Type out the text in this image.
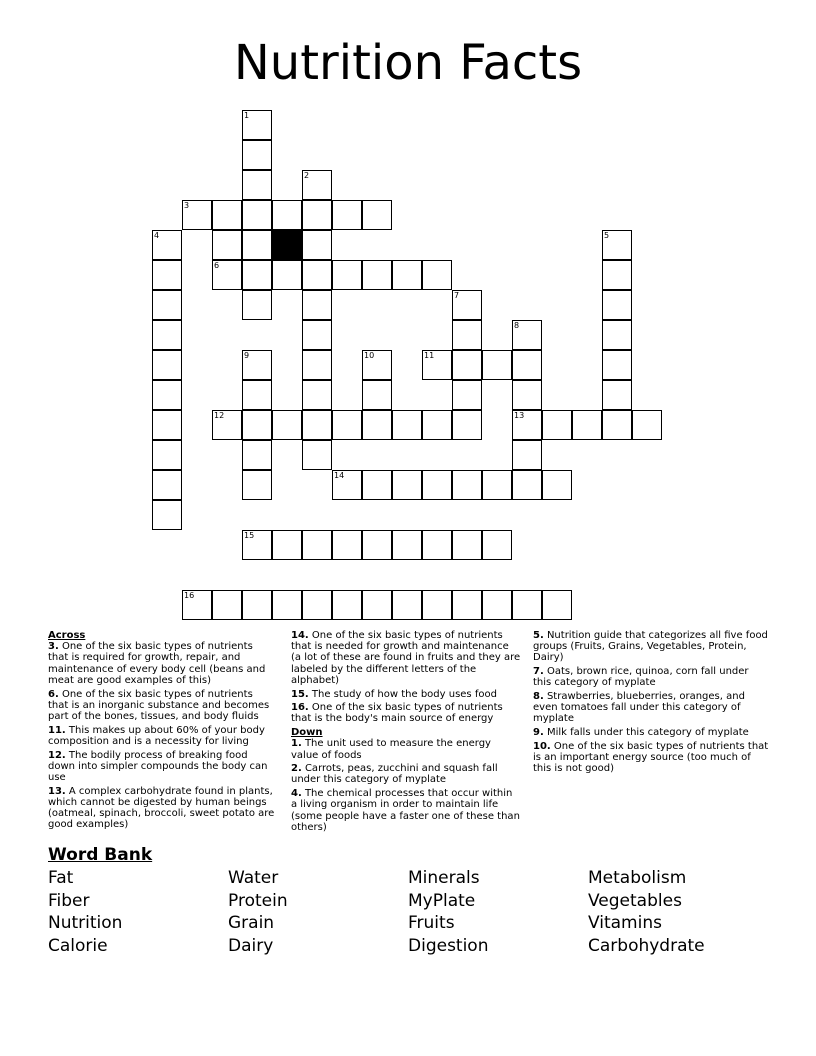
Nutrition Facts
1
2
3
4	5
6
7
8
9	10	11
12	13
14
15
16
Across
3. One of the six basic types of nutrients that is required for growth, repair, and maintenance of every body cell (beans and meat are good examples of this)
6. One of the six basic types of nutrients that is an inorganic substance and becomes part of the bones, tissues, and body fluids
11. This makes up about 60% of your body composition and is a necessity for living
12. The bodily process of breaking food down into simpler compounds the body can use
13. A complex carbohydrate found in plants, which cannot be digested by human beings (oatmeal, spinach, broccoli, sweet potato are good examples)
14. One of the six basic types of nutrients that is needed for growth and maintenance (a lot of these are found in fruits and they are labeled by the different letters of the alphabet)
15. The study of how the body uses food
16. One of the six basic types of nutrients that is the body's main source of energy
Down
1. The unit used to measure the energy value of foods
2. Carrots, peas, zucchini and squash fall under this category of myplate
4. The chemical processes that occur within a living organism in order to maintain life (some people have a faster one of these than others)
5. Nutrition guide that categorizes all five food groups (Fruits, Grains, Vegetables, Protein, Dairy)
7. Oats, brown rice, quinoa, corn fall under this category of myplate
8. Strawberries, blueberries, oranges, and even tomatoes fall under this category of myplate
9. Milk falls under this category of myplate
10. One of the six basic types of nutrients that is an important energy source (too much of this is not good)
Word Bank
Fat
Fiber
Nutrition
Calorie
Water
Protein
Grain
Dairy
Minerals
MyPlate
Fruits
Digestion
Metabolism
Vegetables
Vitamins
Carbohydrate
